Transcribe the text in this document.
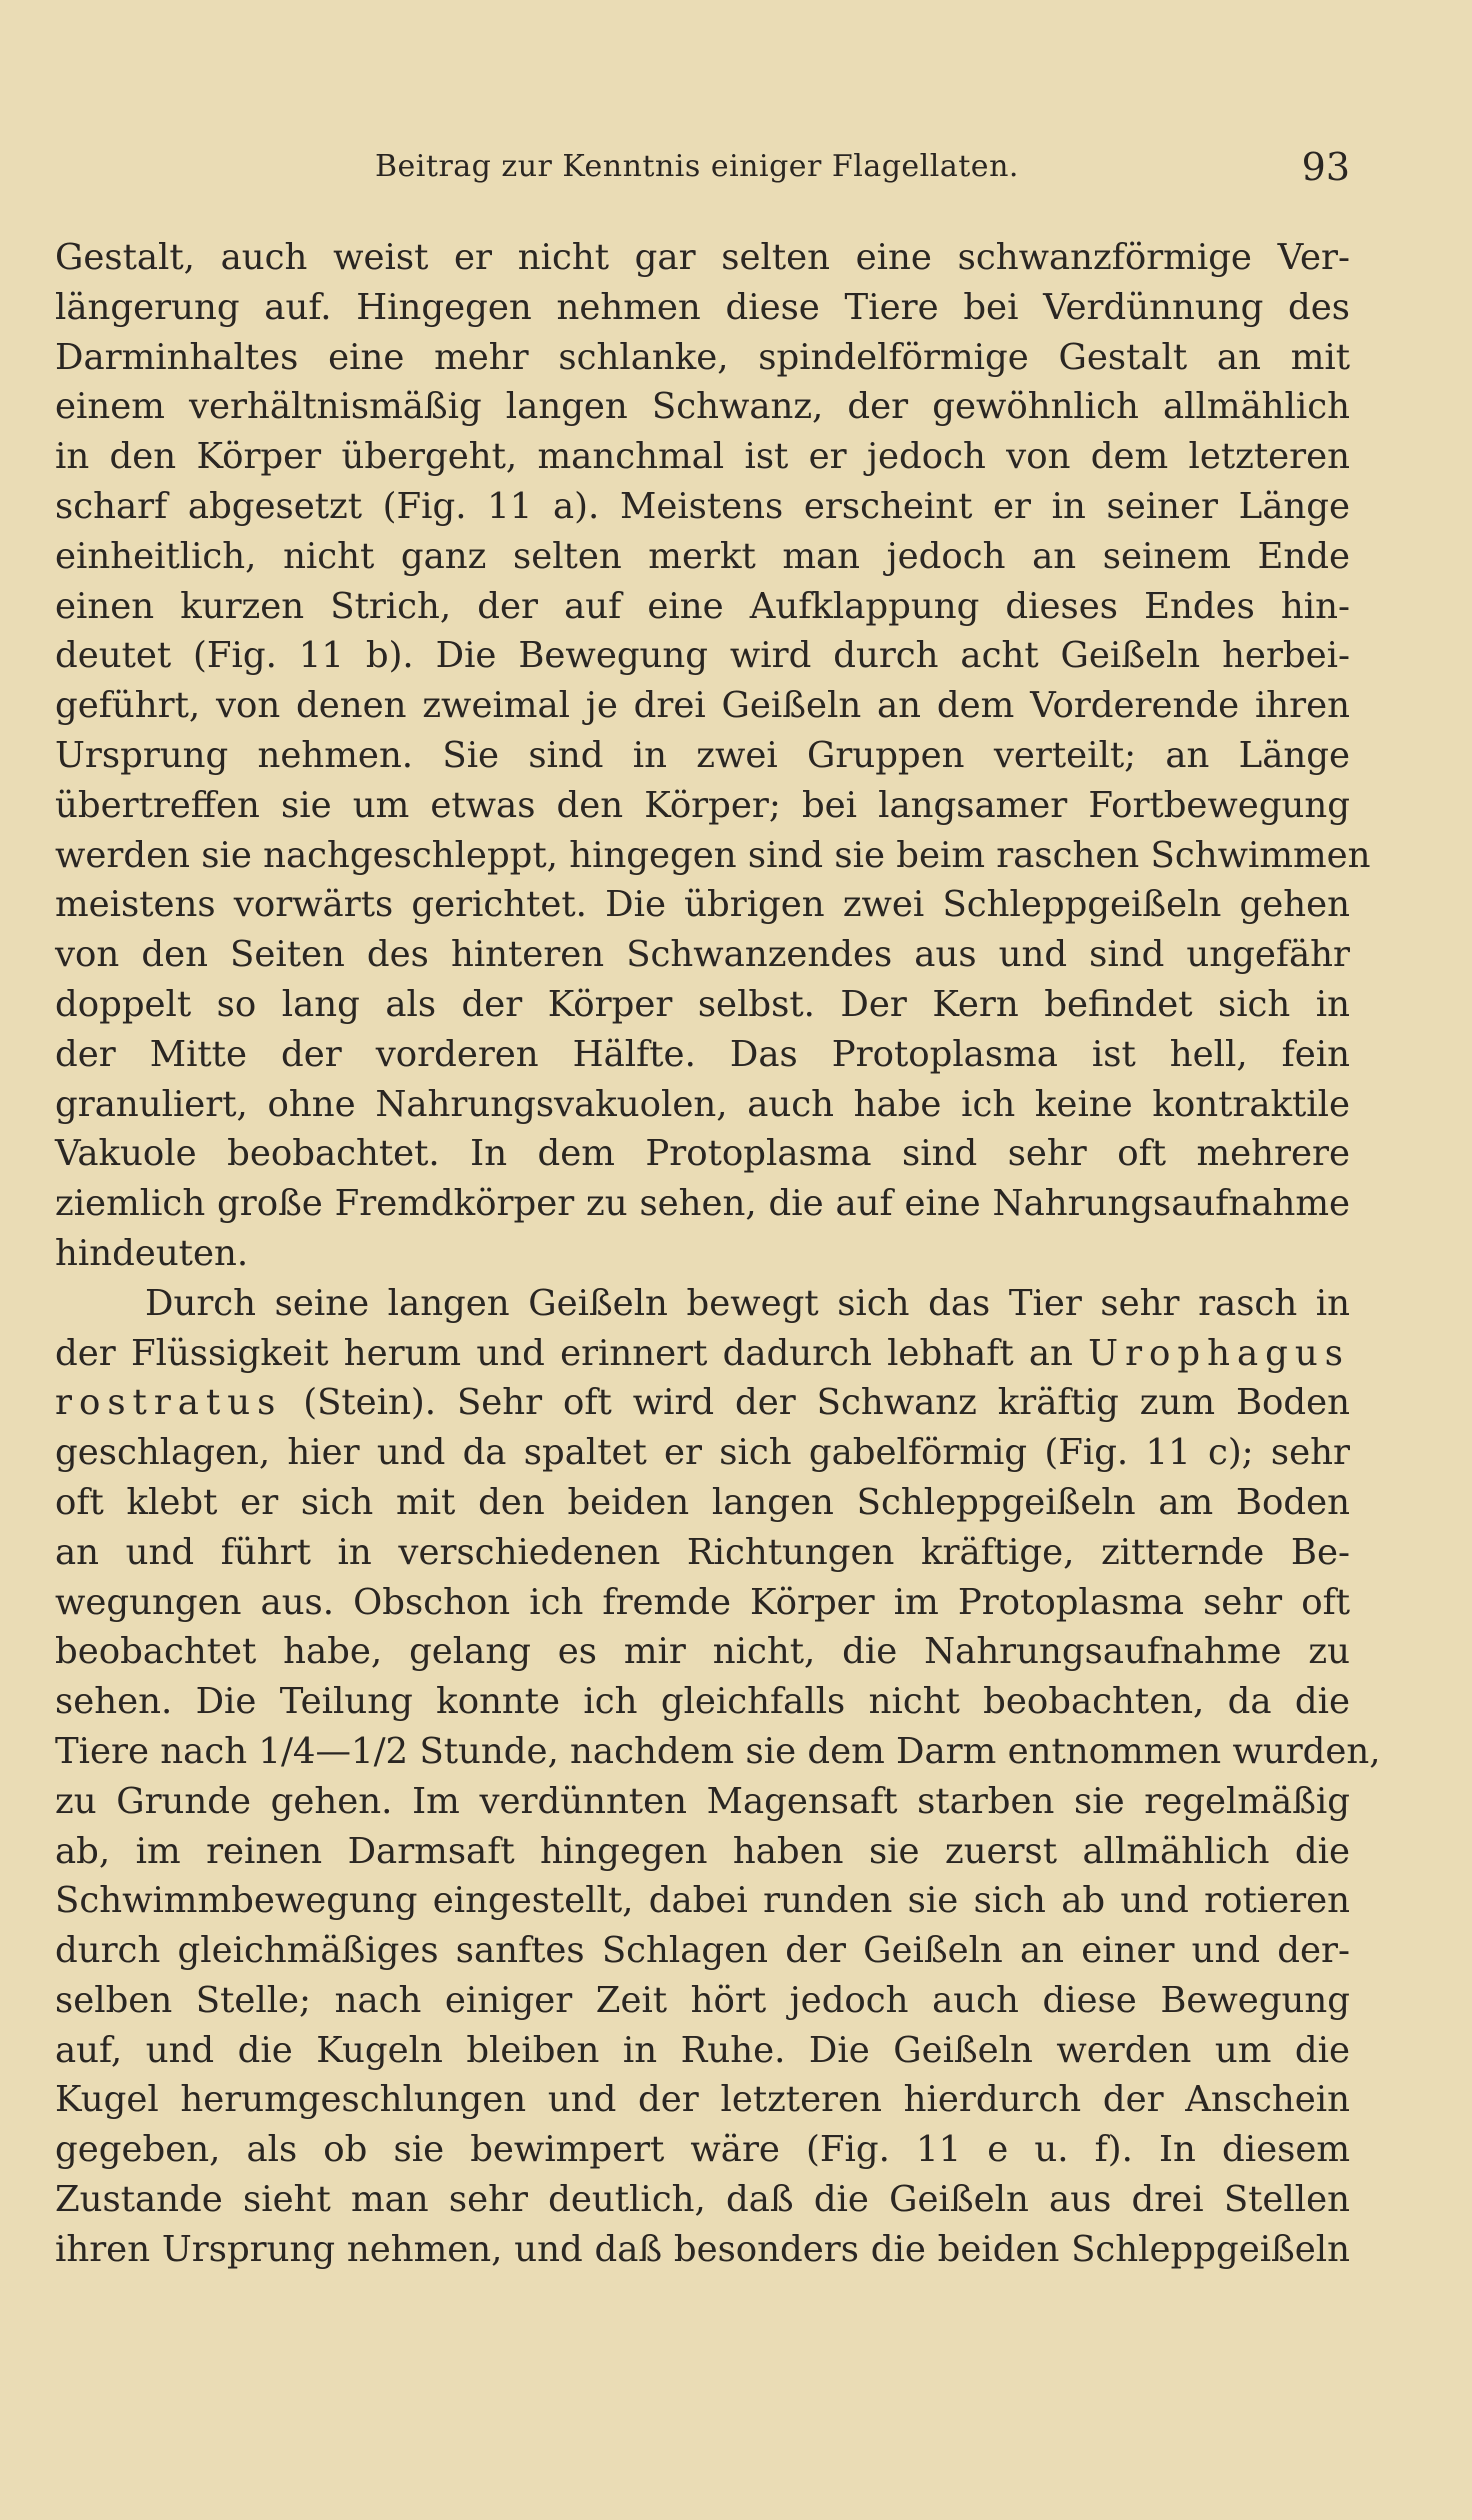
Beitrag zur Kenntnis einiger Flagellaten.	93
Gestalt, auch weist er nicht gar selten eine schwanzförmige Ver-
längerung auf. Hingegen nehmen diese Tiere bei Verdünnung des
Darminhaltes eine mehr schlanke, spindelförmige Gestalt an mit
einem verhältnismäßig langen Schwanz, der gewöhnlich allmählich
in den Körper übergeht, manchmal ist er jedoch von dem letzteren
scharf abgesetzt (Fig. 11 a). Meistens erscheint er in seiner Länge
einheitlich, nicht ganz selten merkt man jedoch an seinem Ende
einen kurzen Strich, der auf eine Aufklappung dieses Endes hin-
deutet (Fig. 11 b). Die Bewegung wird durch acht Geißeln herbei-
geführt, von denen zweimal je drei Geißeln an dem Vorderende ihren
Ursprung nehmen. Sie sind in zwei Gruppen verteilt; an Länge
übertreffen sie um etwas den Körper; bei langsamer Fortbewegung
werden sie nachgeschleppt, hingegen sind sie beim raschen Schwimmen
meistens vorwärts gerichtet. Die übrigen zwei Schleppgeißeln gehen
von den Seiten des hinteren Schwanzendes aus und sind ungefähr
doppelt so lang als der Körper selbst. Der Kern befindet sich in
der Mitte der vorderen Hälfte. Das Protoplasma ist hell, fein
granuliert, ohne Nahrungsvakuolen, auch habe ich keine kontraktile
Vakuole beobachtet. In dem Protoplasma sind sehr oft mehrere
ziemlich große Fremdkörper zu sehen, die auf eine Nahrungsaufnahme
hindeuten.
Durch seine langen Geißeln bewegt sich das Tier sehr rasch in
der Flüssigkeit herum und erinnert dadurch lebhaft an Urophagus
rostratus (Stein). Sehr oft wird der Schwanz kräftig zum Boden
geschlagen, hier und da spaltet er sich gabelförmig (Fig. 11 c); sehr
oft klebt er sich mit den beiden langen Schleppgeißeln am Boden
an und führt in verschiedenen Richtungen kräftige, zitternde Be-
wegungen aus. Obschon ich fremde Körper im Protoplasma sehr oft
beobachtet habe, gelang es mir nicht, die Nahrungsaufnahme zu
sehen. Die Teilung konnte ich gleichfalls nicht beobachten, da die
Tiere nach 1/4—1/2 Stunde, nachdem sie dem Darm entnommen wurden,
zu Grunde gehen. Im verdünnten Magensaft starben sie regelmäßig
ab, im reinen Darmsaft hingegen haben sie zuerst allmählich die
Schwimmbewegung eingestellt, dabei runden sie sich ab und rotieren
durch gleichmäßiges sanftes Schlagen der Geißeln an einer und der-
selben Stelle; nach einiger Zeit hört jedoch auch diese Bewegung
auf, und die Kugeln bleiben in Ruhe. Die Geißeln werden um die
Kugel herumgeschlungen und der letzteren hierdurch der Anschein
gegeben, als ob sie bewimpert wäre (Fig. 11 e u. f). In diesem
Zustande sieht man sehr deutlich, daß die Geißeln aus drei Stellen
ihren Ursprung nehmen, und daß besonders die beiden Schleppgeißeln
